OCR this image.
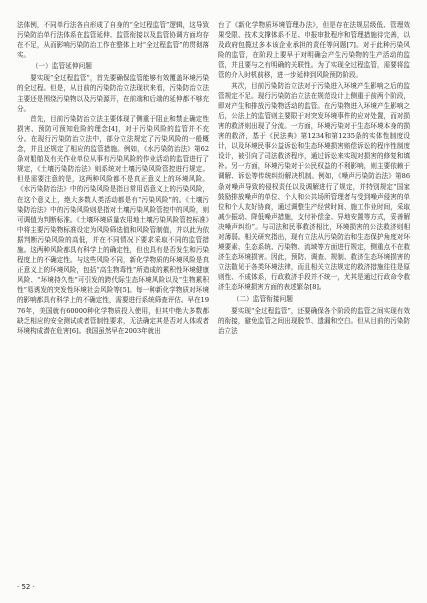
法体例，不同单行法各自形成了自身的“全过程监管”逻辑，这导致污染防治单行法体系在监管延伸、监管衔接以及监管协调方面均存在不足，从而影响污染防治工作在整体上对“全过程监管”的贯彻落实。

（一）监管延伸问题

要实现“全过程监管”，首先要确保监管能够有效覆盖环境污染的全过程。但是，从目前的污染防治立法现状来看，污染防治立法主要还是围绕污染物以及污染源开，在前端和后端的延伸都不够充分。

首先，目前污染防治立法主要体现了侧重于阻止和禁止确定性损害、预防可预知危险的理念[4]，对于污染风险的监管并不充分。在现行污染防治立法中，部分立法规定了污染风险的一般概念，并且还规定了相应的监管措施。例如，《水污染防治法》第62条对船舶及有关作业单位从事有污染风险的作业活动的监管进行了规定，《土壤污染防治法》则系统对土壤污染风险管控进行规定。但是需要注意的是，这两种风险都不是真正意义上的环境风险。《水污染防治法》中的污染风险是指日常用语意义上的污染风险，在这个意义上，绝大多数人类活动都是有“污染风险”的。《土壤污染防治法》中的污染风险则是指对土壤污染风险管控中的风险，则可调值为判断标准。《土壤环境质量农用地土壤污染风险管控标准》中将主要污染物标准设定为风险筛选值和风险管制值，并以此为依据判断污染风险的高低，并在不同情况下要求采取不同的监管措施。这两种风险都具有科学上的确定性，但也具有是否发生和污染程度上的不确定性。与这些风险不同，新化学物质的环境风险是真正意义上的环境风险，包括“高生物毒性”所造成的累积性环境健康风险、“环境持久性”可引发的跨代际生态环境风险以及“生物累积性”易诱发的突发性环境社会风险等[5]。每一种新化学物质对环境的影响都具有科学上的不确定性，需要进行系统筛查评估。早在1976年，美国就有60000种化学物质投入使用，但其中绝大多数都缺乏相应的安全测试或者管制性要求，无法确定其是否对人体或者环境构成潜在危害[6]。我国虽然早在2003年就出

台了《新化学物质环境管理办法》，但是存在法规层级低、管理效果受限、技术支撑体系不足、申报审批程序和管理措施待完善，以及政府包揽过多本该企业承担的责任等问题[7]。对于此种污染风险的监管，在阶段上要早于对明确会产生污染物的生产活动的监管，并且要与之有明确的关联性。为了实现全过程监管，需要将监管的介入时机前移，进一步延伸到风险预防阶段。

其次，目前污染防治立法对于污染进入环境产生影响之后的监管规定不足。现行污染防治立法在规范设计上侧重于前两个阶段，即对产生和排放污染物活动的监管。在污染物进入环境产生影响之后，公法上的监管则主要限于对突发环境事件的应对处置，而对损害的救济则出现了分流。一方面，环境污染对于生态环境本身的损害的救济，基于《民法典》第1234和第1235条的实体性制度设计，以及环境民事公益诉讼和生态环境损害赔偿诉讼的程序性制度设计，被引向了司法救济程序，通过诉讼来实现对损害的修复和填补。另一方面，环境污染对于公民权益的不利影响，则主要依赖于调解、诉讼等传统纠纷解决机制。例如，《噪声污染防治法》第86条对噪声导致的侵权责任以及调解进行了规定，并特别规定“国家鼓励排放噪声的单位、个人和公共场所管理者与受到噪声侵害的单位和个人友好协商，通过调整生产经营时间、施工作业时间，采取减少振动、降低噪声措施，支付补偿金、异地安置等方式，妥善解决噪声纠纷”。与司法和民事救济相比，环境损害的公法救济则相对薄弱。相关研究指出，现有立法从污染防治和生态保护角度对环境要素、生态系统、污染物、流域等方面进行规定，侧重点不在救济生态环境损害。因此，预防、调查、规制、救济生态环境损害的立法散见于各类环境法律，而且相关立法规定的救济措施往往是原则性、不成体系，行政救济手段并不统一，尤其是通过行政命令救济生态环境损害方面的表述繁杂[8]。

（二）监管衔接问题

要实现“全过程监管”，还要确保各个阶段的监管之间实现有效的衔接，避免监管之间出现脱节、遗漏和空白。但从目前的污染防治立法

· 52 ·
